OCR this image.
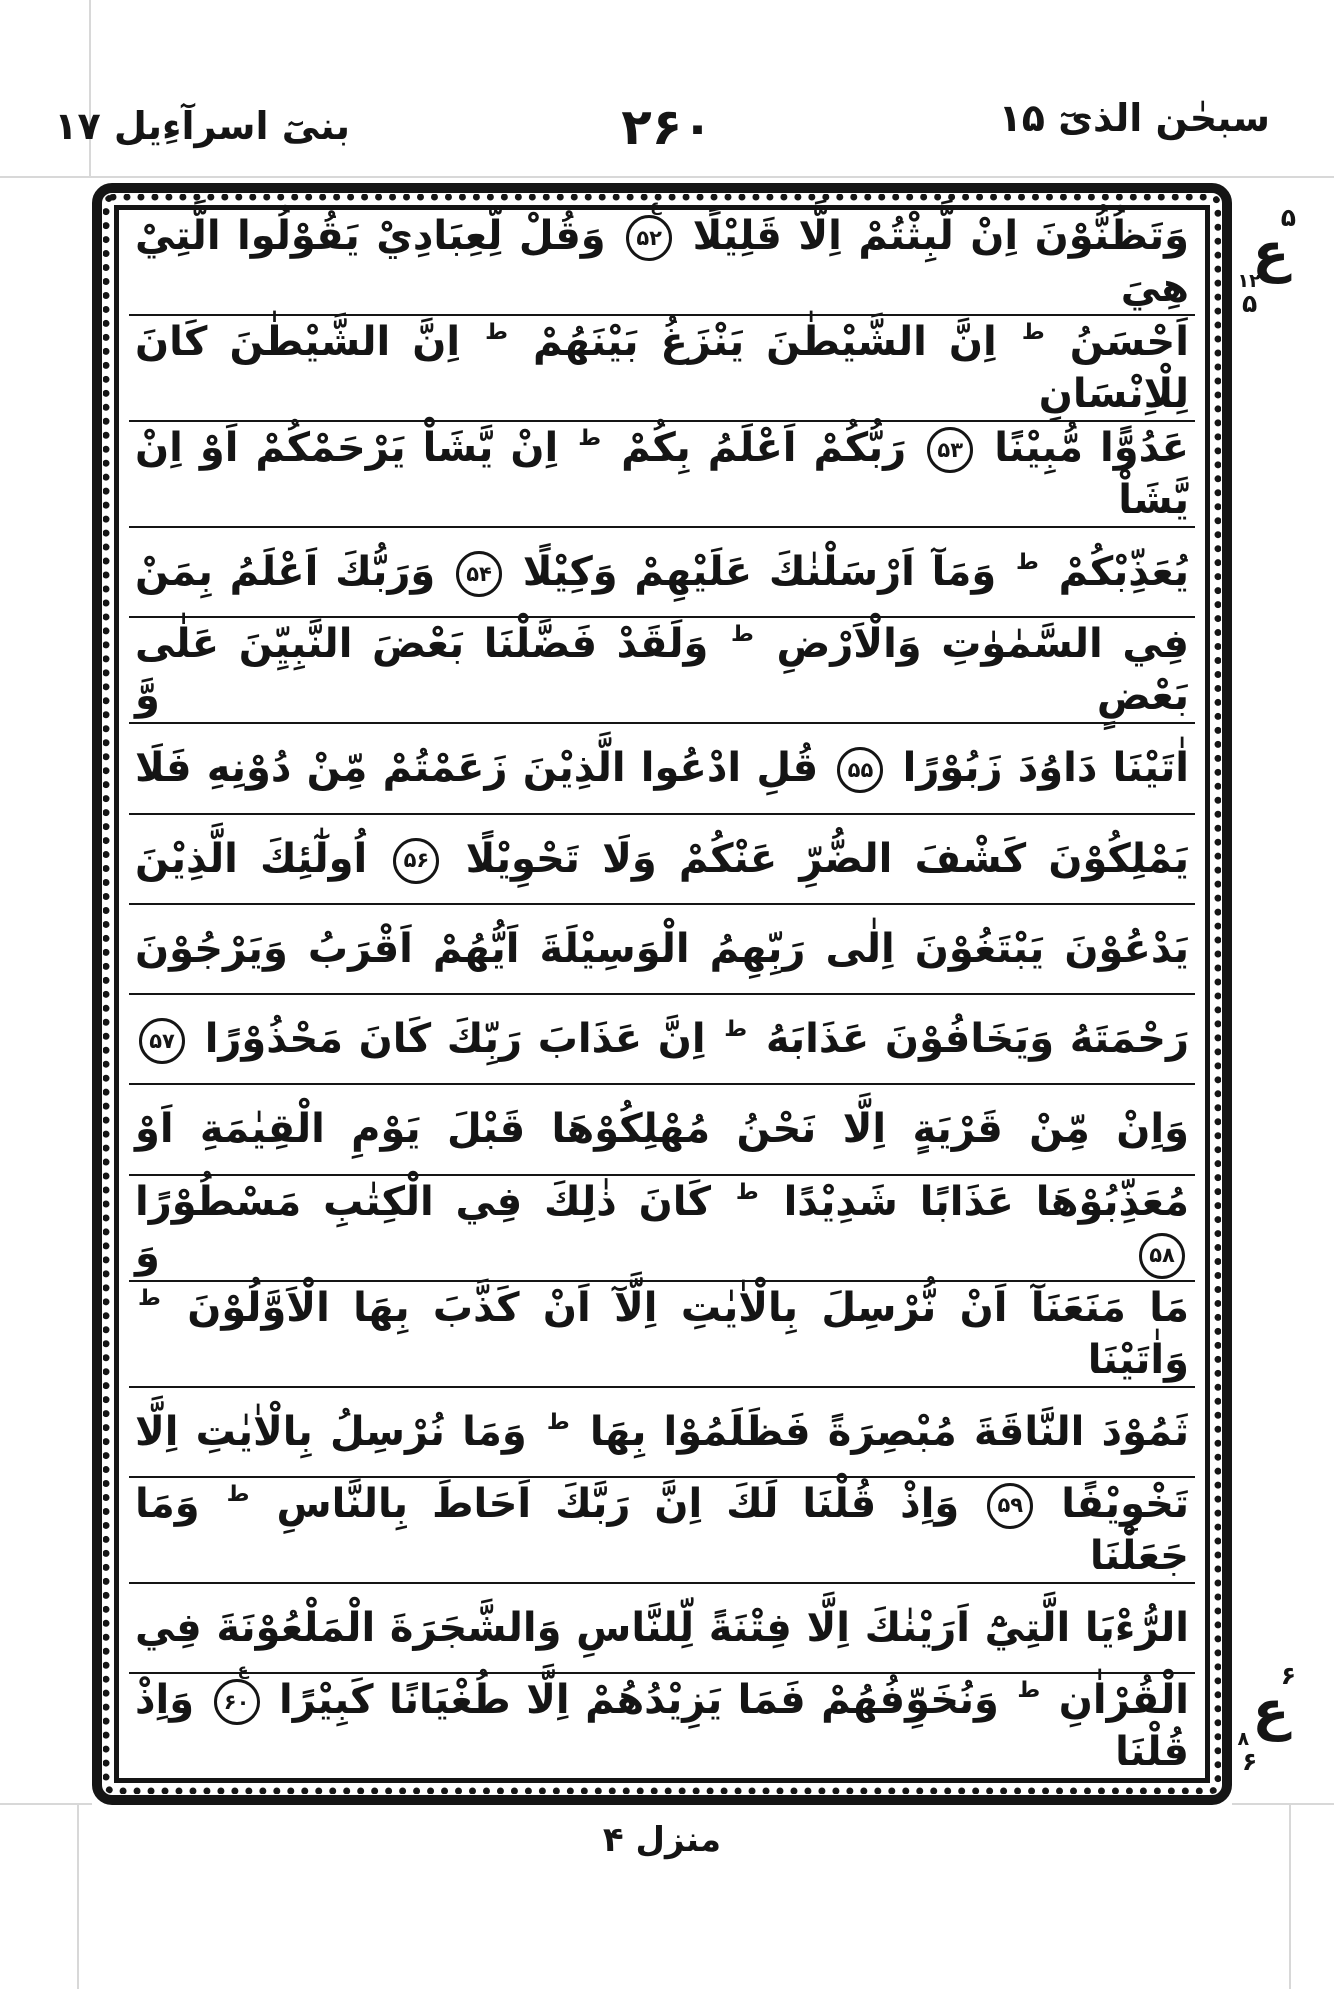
بنیٓ اسرآءِیل ۱۷	۲۶۰	سبحٰن الذیٓ ۱۵
وَتَظُنُّوْنَ اِنْ لَّبِثْتُمْ اِلَّا قَلِيْلًا
ع
۵۲
وَقُلْ لِّعِبَادِيْ يَقُوْلُوا الَّتِيْ هِيَ
اَحْسَنُ ط اِنَّ الشَّيْطٰنَ يَنْزَغُ بَيْنَهُمْ ط اِنَّ الشَّيْطٰنَ كَانَ لِلْاِنْسَانِ
عَدُوًّا مُّبِيْنًا
۵۳
رَبُّكُمْ اَعْلَمُ بِكُمْ ط اِنْ يَّشَاْ يَرْحَمْكُمْ اَوْ اِنْ يَّشَاْ
يُعَذِّبْكُمْ ط وَمَآ اَرْسَلْنٰكَ عَلَيْهِمْ وَكِيْلًا
۵۴
وَرَبُّكَ اَعْلَمُ بِمَنْ
فِي السَّمٰوٰتِ وَالْاَرْضِ ط وَلَقَدْ فَضَّلْنَا بَعْضَ النَّبِيِّنَ عَلٰى بَعْضٍ وَّ
اٰتَيْنَا دَاوُدَ زَبُوْرًا
۵۵
قُلِ ادْعُوا الَّذِيْنَ زَعَمْتُمْ مِّنْ دُوْنِهِ فَلَا
يَمْلِكُوْنَ كَشْفَ الضُّرِّ عَنْكُمْ وَلَا تَحْوِيْلًا
۵۶
اُولٰٓئِكَ الَّذِيْنَ
يَدْعُوْنَ يَبْتَغُوْنَ اِلٰى رَبِّهِمُ الْوَسِيْلَةَ اَيُّهُمْ اَقْرَبُ وَيَرْجُوْنَ
رَحْمَتَهُ وَيَخَافُوْنَ عَذَابَهُ ط اِنَّ عَذَابَ رَبِّكَ كَانَ مَحْذُوْرًا
۵۷
وَاِنْ مِّنْ قَرْيَةٍ اِلَّا نَحْنُ مُهْلِكُوْهَا قَبْلَ يَوْمِ الْقِيٰمَةِ اَوْ
مُعَذِّبُوْهَا عَذَابًا شَدِيْدًا ط كَانَ ذٰلِكَ فِي الْكِتٰبِ مَسْطُوْرًا
۵۸
وَ
مَا مَنَعَنَآ اَنْ نُّرْسِلَ بِالْاٰيٰتِ اِلَّآ اَنْ كَذَّبَ بِهَا الْاَوَّلُوْنَ ط وَاٰتَيْنَا
ثَمُوْدَ النَّاقَةَ مُبْصِرَةً فَظَلَمُوْا بِهَا ط وَمَا نُرْسِلُ بِالْاٰيٰتِ اِلَّا
تَخْوِيْفًا
۵۹
وَاِذْ قُلْنَا لَكَ اِنَّ رَبَّكَ اَحَاطَ بِالنَّاسِ ط وَمَا جَعَلْنَا
الرُّءْيَا الَّتِيْٓ اَرَيْنٰكَ اِلَّا فِتْنَةً لِّلنَّاسِ وَالشَّجَرَةَ الْمَلْعُوْنَةَ فِي
الْقُرْاٰنِ ط وَنُخَوِّفُهُمْ فَمَا يَزِيْدُهُمْ اِلَّا طُغْيَانًا كَبِيْرًا
ع
۶۰
وَاِذْ قُلْنَا
۵
ع
۱۲
۵
۶
ع
۸
۶
منزل ۴
